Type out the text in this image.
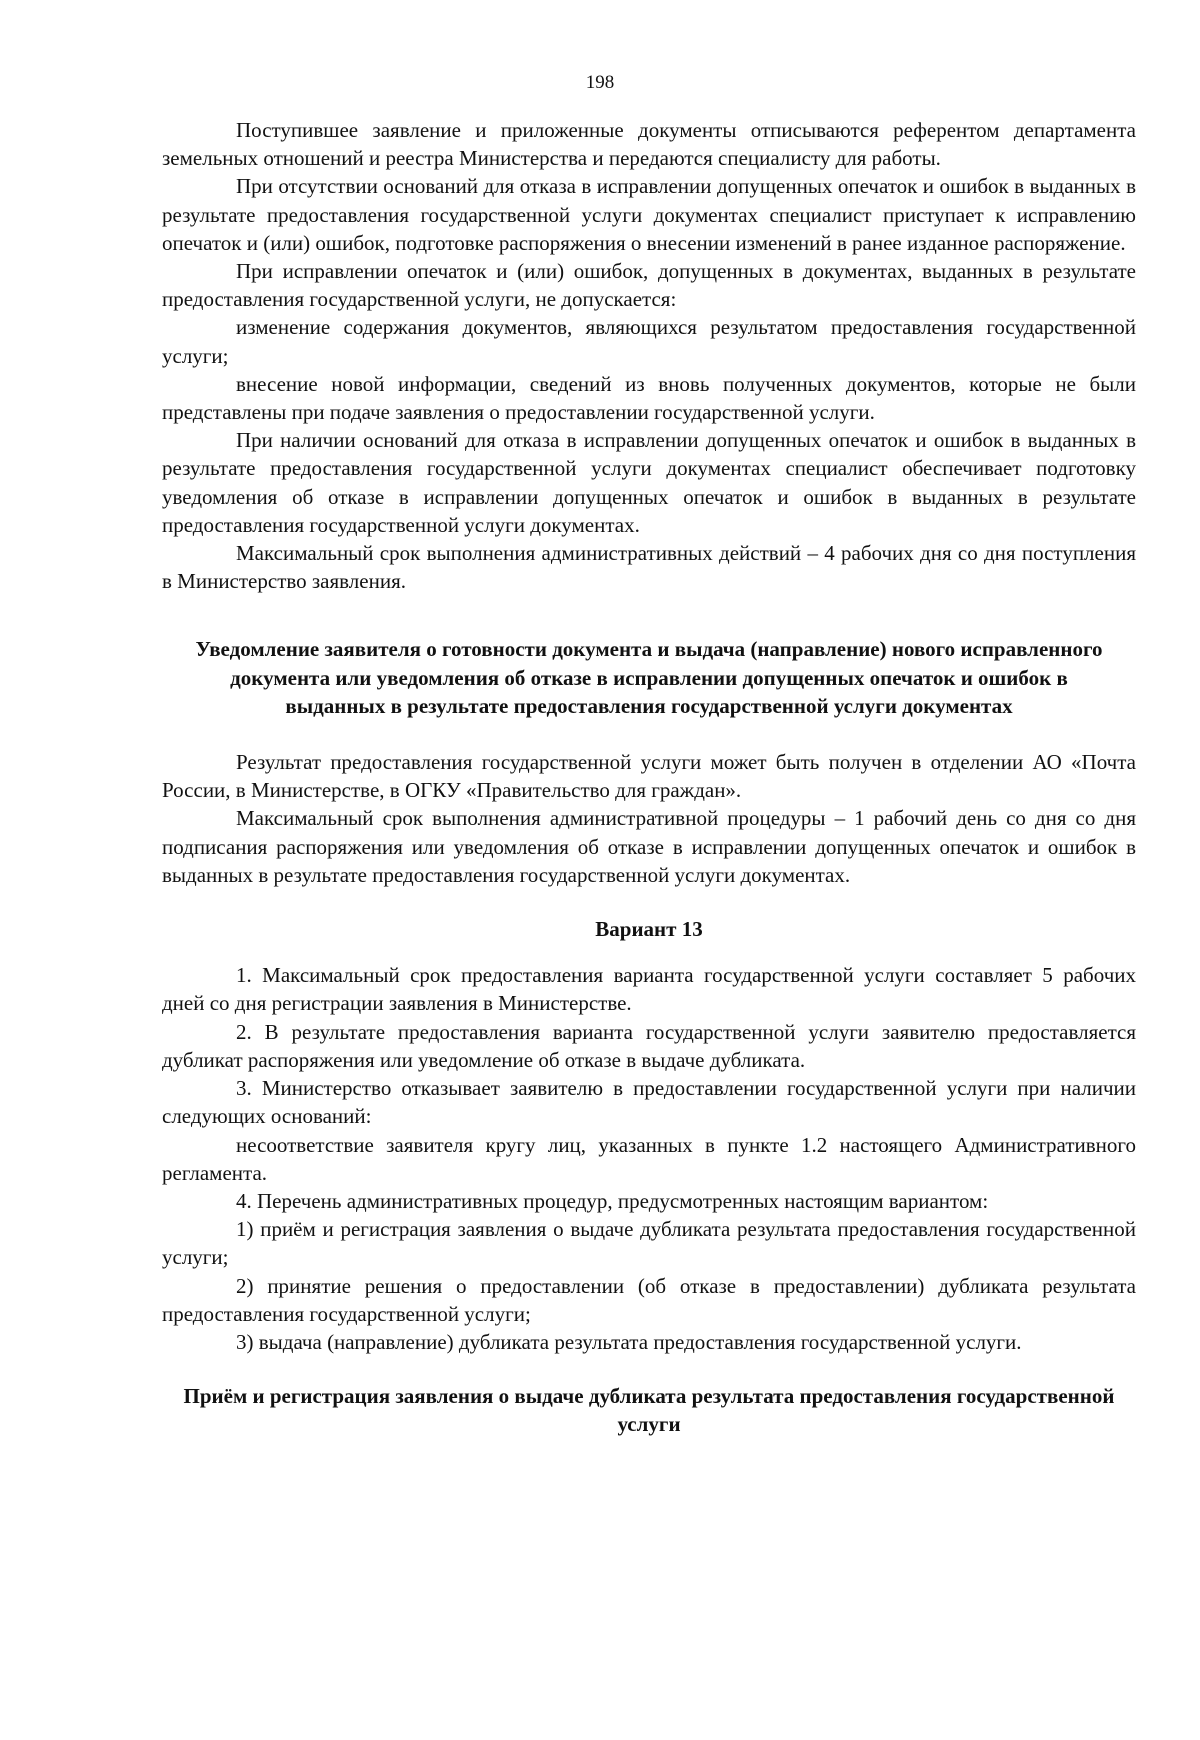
198

Поступившее заявление и приложенные документы отписываются референтом департамента земельных отношений и реестра Министерства и передаются специалисту для работы.

При отсутствии оснований для отказа в исправлении допущенных опечаток и ошибок в выданных в результате предоставления государственной услуги документах специалист приступает к исправлению опечаток и (или) ошибок, подготовке распоряжения о внесении изменений в ранее изданное распоряжение.

При исправлении опечаток и (или) ошибок, допущенных в документах, выданных в результате предоставления государственной услуги, не допускается:

изменение содержания документов, являющихся результатом предоставления государственной услуги;

внесение новой информации, сведений из вновь полученных документов, которые не были представлены при подаче заявления о предоставлении государственной услуги.

При наличии оснований для отказа в исправлении допущенных опечаток и ошибок в выданных в результате предоставления государственной услуги документах специалист обеспечивает подготовку уведомления об отказе в исправлении допущенных опечаток и ошибок в выданных в результате предоставления государственной услуги документах.

Максимальный срок выполнения административных действий – 4 рабочих дня со дня поступления в Министерство заявления.

Уведомление заявителя о готовности документа и выдача (направление) нового исправленного документа или уведомления об отказе в исправлении допущенных опечаток и ошибок в выданных в результате предоставления государственной услуги документах

Результат предоставления государственной услуги может быть получен в отделении АО «Почта России, в Министерстве, в ОГКУ «Правительство для граждан».

Максимальный срок выполнения административной процедуры – 1 рабочий день со дня со дня подписания распоряжения или уведомления об отказе в исправлении допущенных опечаток и ошибок в выданных в результате предоставления государственной услуги документах.

Вариант 13

1. Максимальный срок предоставления варианта государственной услуги составляет 5 рабочих дней со дня регистрации заявления в Министерстве.

2. В результате предоставления варианта государственной услуги заявителю предоставляется дубликат распоряжения или уведомление об отказе в выдаче дубликата.

3. Министерство отказывает заявителю в предоставлении государственной услуги при наличии следующих оснований:

несоответствие заявителя кругу лиц, указанных в пункте 1.2 настоящего Административного регламента.

4. Перечень административных процедур, предусмотренных настоящим вариантом:

1) приём и регистрация заявления о выдаче дубликата результата предоставления государственной услуги;

2) принятие решения о предоставлении (об отказе в предоставлении) дубликата результата предоставления государственной услуги;

3) выдача (направление) дубликата результата предоставления государственной услуги.

Приём и регистрация заявления о выдаче дубликата результата предоставления государственной услуги
